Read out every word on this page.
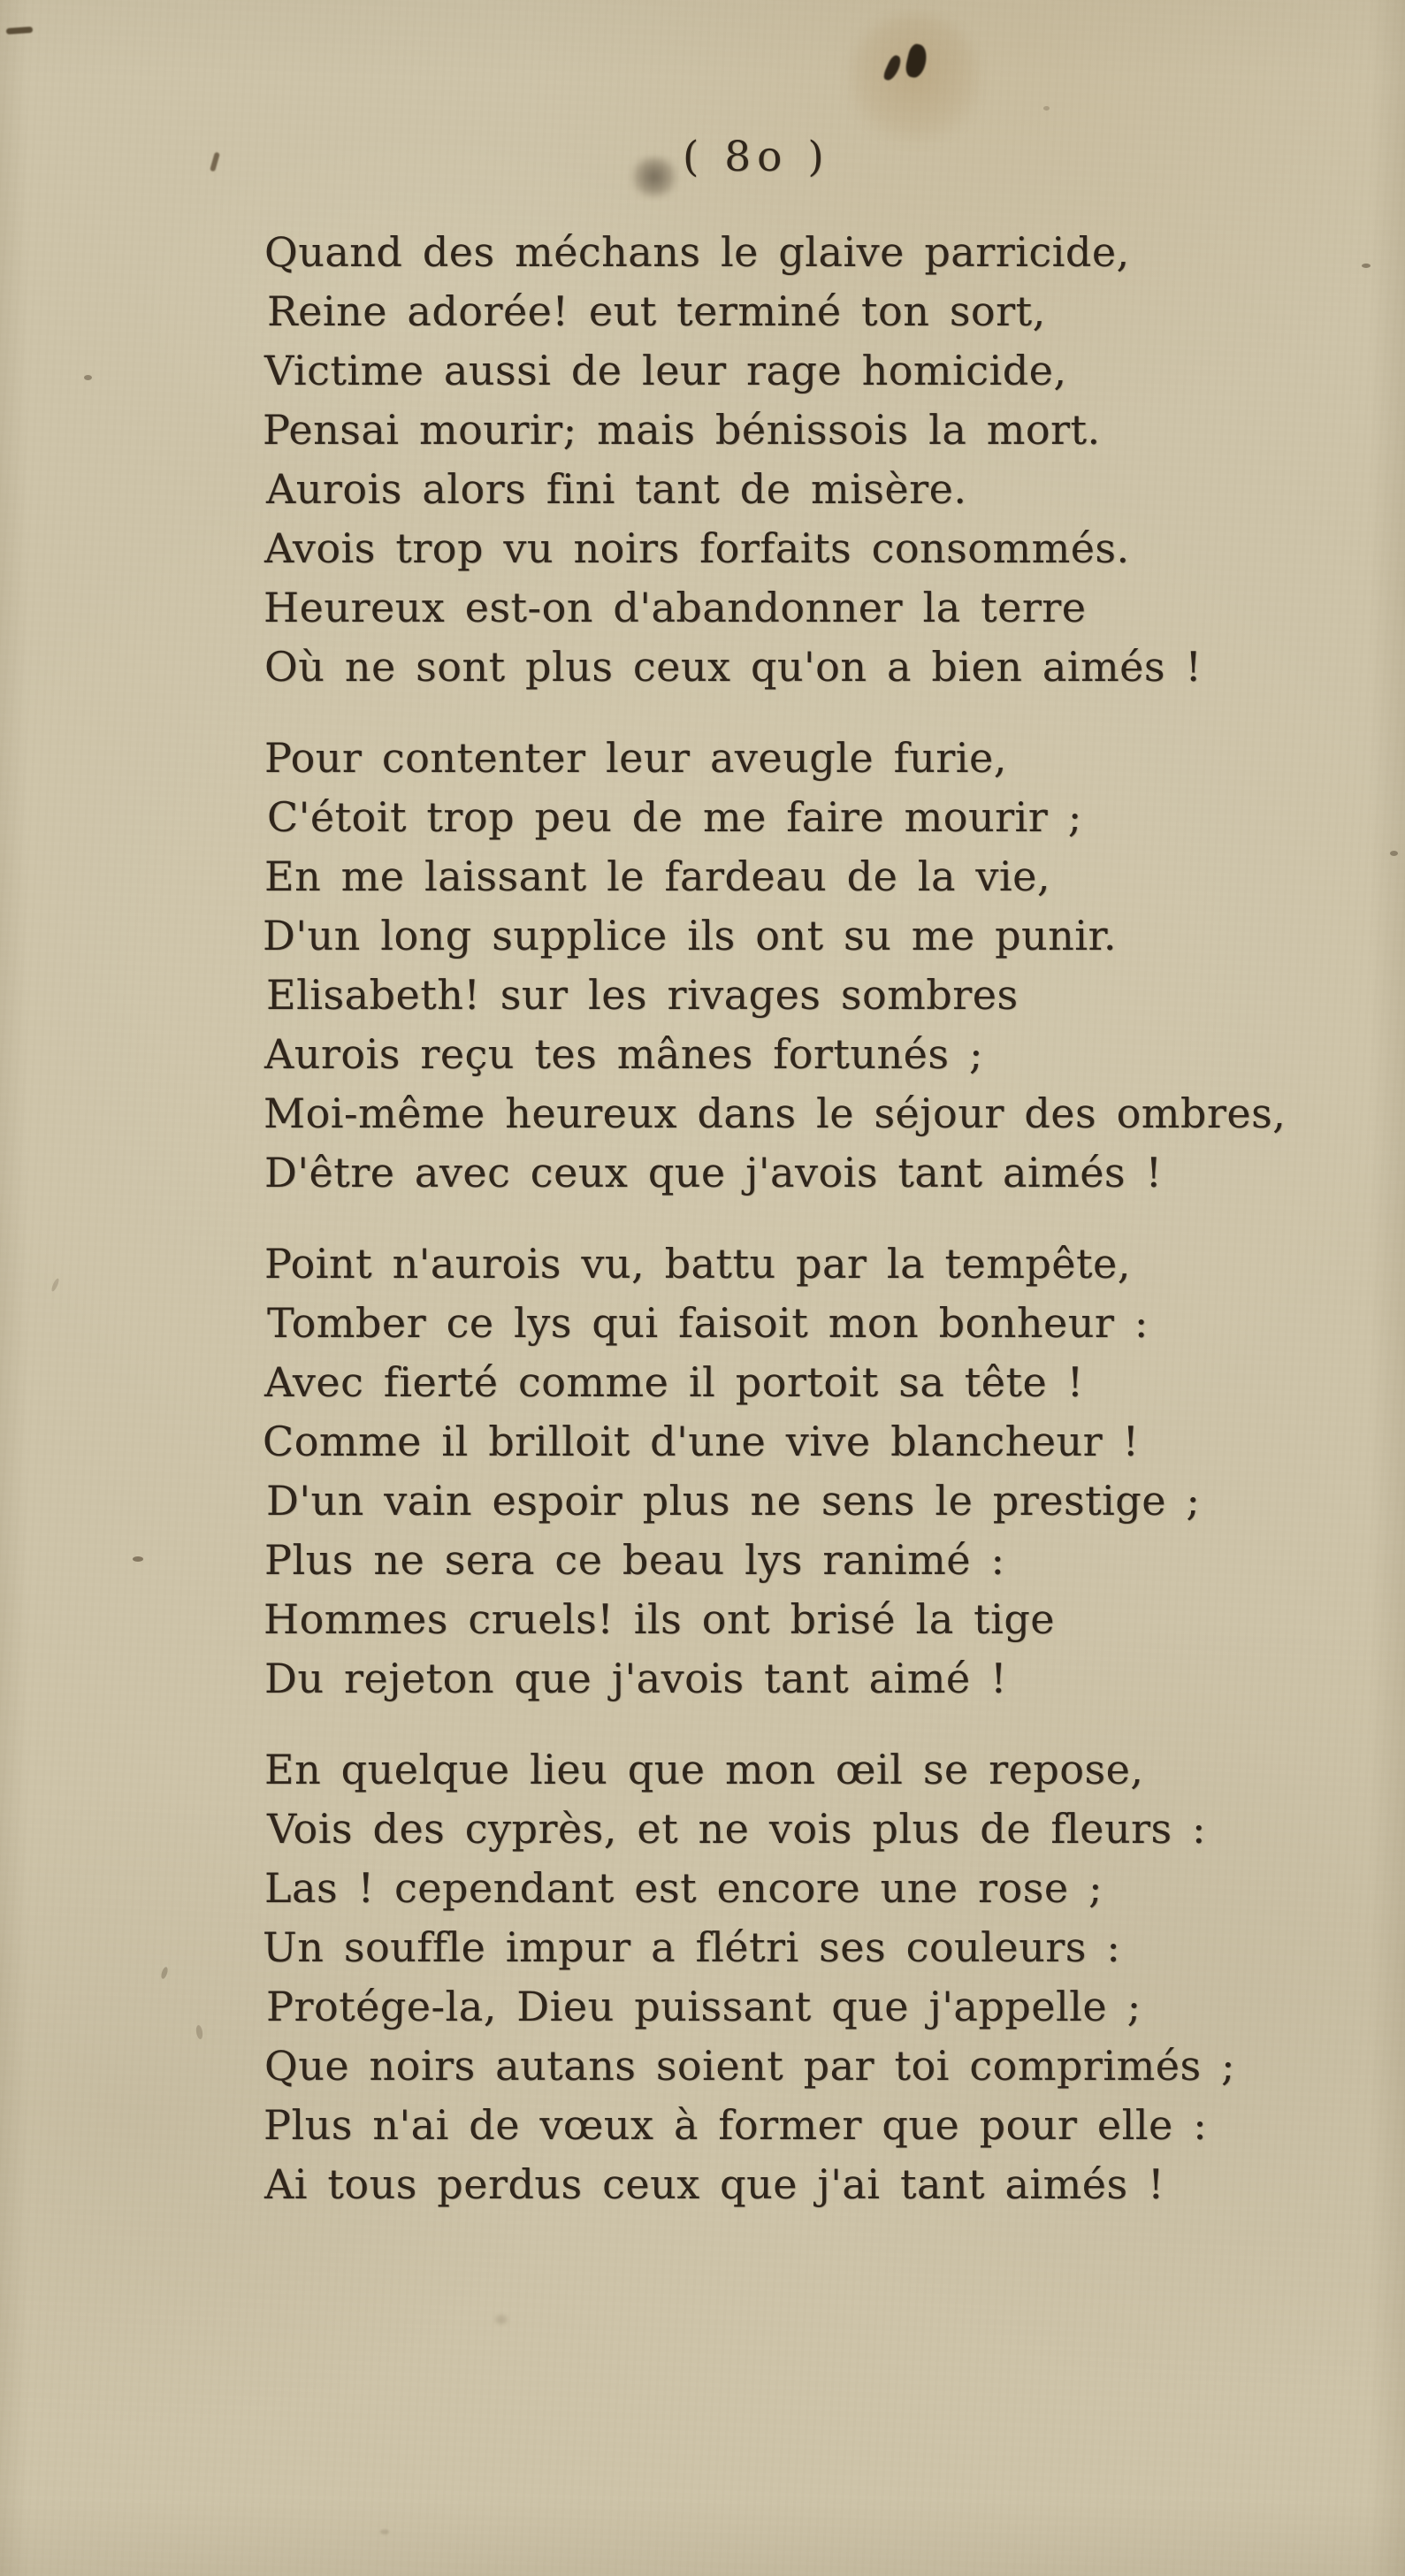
( 8o )
Quand des méchans le glaive parricide,
Reine adorée! eut terminé ton sort,
Victime aussi de leur rage homicide,
Pensai mourir; mais bénissois la mort.
Aurois alors fini tant de misère.
Avois trop vu noirs forfaits consommés.
Heureux est-on d'abandonner la terre
Où ne sont plus ceux qu'on a bien aimés !
Pour contenter leur aveugle furie,
C'étoit trop peu de me faire mourir ;
En me laissant le fardeau de la vie,
D'un long supplice ils ont su me punir.
Elisabeth! sur les rivages sombres
Aurois reçu tes mânes fortunés ;
Moi-même heureux dans le séjour des ombres,
D'être avec ceux que j'avois tant aimés !
Point n'aurois vu, battu par la tempête,
Tomber ce lys qui faisoit mon bonheur :
Avec fierté comme il portoit sa tête !
Comme il brilloit d'une vive blancheur !
D'un vain espoir plus ne sens le prestige ;
Plus ne sera ce beau lys ranimé :
Hommes cruels! ils ont brisé la tige
Du rejeton que j'avois tant aimé !
En quelque lieu que mon œil se repose,
Vois des cyprès, et ne vois plus de fleurs :
Las ! cependant est encore une rose ;
Un souffle impur a flétri ses couleurs :
Protége-la, Dieu puissant que j'appelle ;
Que noirs autans soient par toi comprimés ;
Plus n'ai de vœux à former que pour elle :
Ai tous perdus ceux que j'ai tant aimés !
